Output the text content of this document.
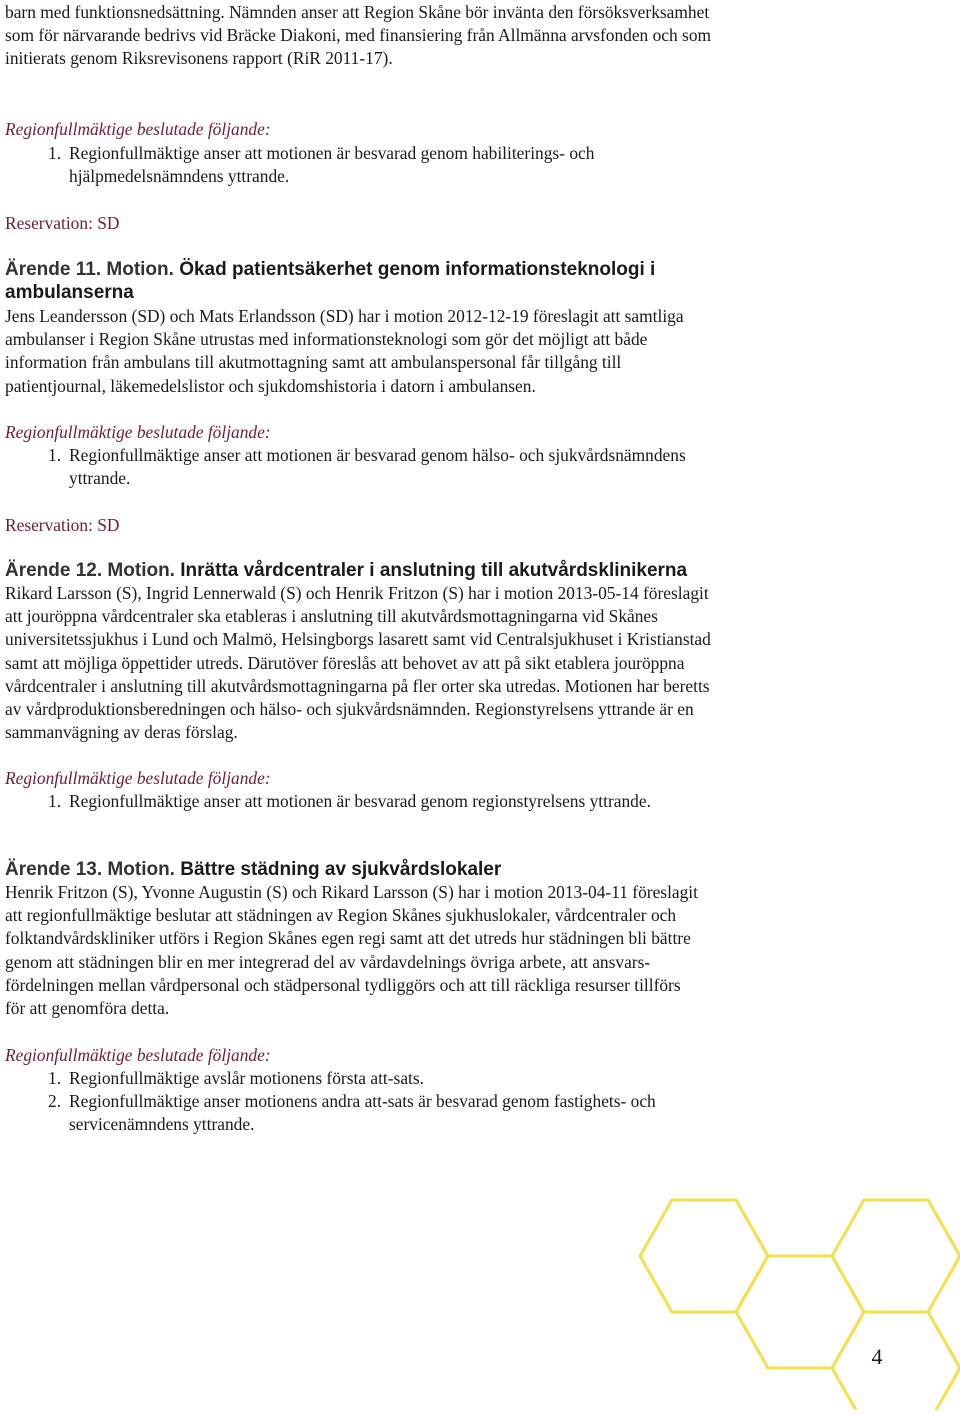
barn med funktionsnedsättning. Nämnden anser att Region Skåne bör invänta den försöksverksamhet
som för närvarande bedrivs vid Bräcke Diakoni, med finansiering från Allmänna arvsfonden och som
initierats genom Riksrevisonens rapport (RiR 2011-17).
Regionfullmäktige beslutade följande:
1. Regionfullmäktige anser att motionen är besvarad genom habiliterings- och
hjälpmedelsnämndens yttrande.
Reservation: SD
Ärende 11. Motion. Ökad patientsäkerhet genom informationsteknologi i
ambulanserna
Jens Leandersson (SD) och Mats Erlandsson (SD) har i motion 2012-12-19 föreslagit att samtliga
ambulanser i Region Skåne utrustas med informationsteknologi som gör det möjligt att både
information från ambulans till akutmottagning samt att ambulanspersonal får tillgång till
patientjournal, läkemedelslistor och sjukdomshistoria i datorn i ambulansen.
Regionfullmäktige beslutade följande:
1. Regionfullmäktige anser att motionen är besvarad genom hälso- och sjukvårdsnämndens
yttrande.
Reservation: SD
Ärende 12. Motion. Inrätta vårdcentraler i anslutning till akutvårdsklinikerna
Rikard Larsson (S), Ingrid Lennerwald (S) och Henrik Fritzon (S) har i motion 2013-05-14 föreslagit
att jouröppna vårdcentraler ska etableras i anslutning till akutvårdsmottagningarna vid Skånes
universitetssjukhus i Lund och Malmö, Helsingborgs lasarett samt vid Centralsjukhuset i Kristianstad
samt att möjliga öppettider utreds. Därutöver föreslås att behovet av att på sikt etablera jouröppna
vårdcentraler i anslutning till akutvårdsmottagningarna på fler orter ska utredas. Motionen har beretts
av vårdproduktionsberedningen och hälso- och sjukvårdsnämnden. Regionstyrelsens yttrande är en
sammanvägning av deras förslag.
Regionfullmäktige beslutade följande:
1. Regionfullmäktige anser att motionen är besvarad genom regionstyrelsens yttrande.
Ärende 13. Motion. Bättre städning av sjukvårdslokaler
Henrik Fritzon (S), Yvonne Augustin (S) och Rikard Larsson (S) har i motion 2013-04-11 föreslagit
att regionfullmäktige beslutar att städningen av Region Skånes sjukhuslokaler, vårdcentraler och
folktandvårdskliniker utförs i Region Skånes egen regi samt att det utreds hur städningen bli bättre
genom att städningen blir en mer integrerad del av vårdavdelnings övriga arbete, att ansvars-
fördelningen mellan vårdpersonal och städpersonal tydliggörs och att till räckliga resurser tillförs
för att genomföra detta.
Regionfullmäktige beslutade följande:
1. Regionfullmäktige avslår motionens första att-sats.
2. Regionfullmäktige anser motionens andra att-sats är besvarad genom fastighets- och
servicenämndens yttrande.
4
